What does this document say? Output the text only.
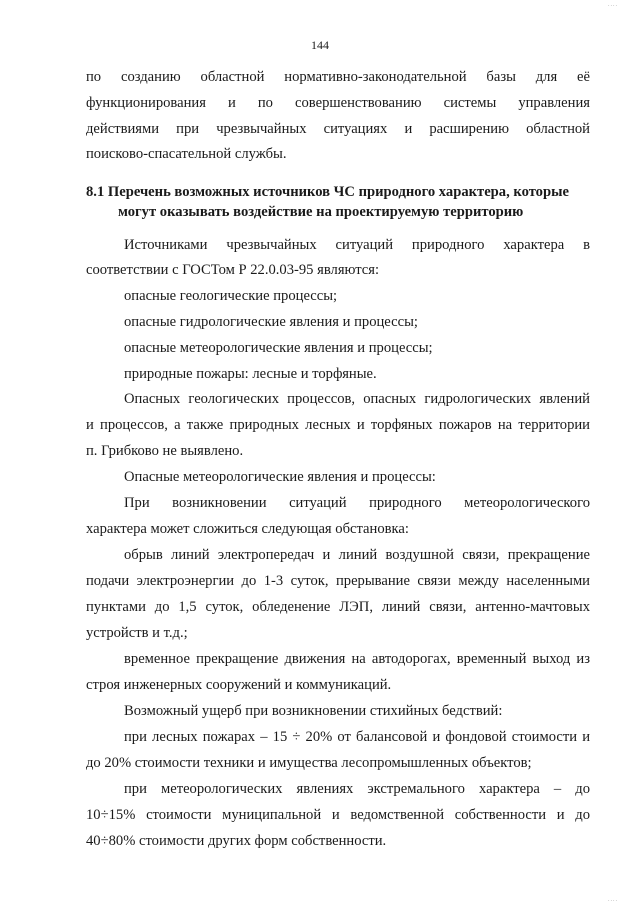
....
144
по созданию областной нормативно-законодательной базы для её
функционирования и по совершенствованию системы управления
действиями при чрезвычайных ситуациях и расширению областной
поисково-спасательной службы.
8.1 Перечень возможных источников ЧС природного характера, которые
могут оказывать воздействие на проектируемую территорию
Источниками чрезвычайных ситуаций природного характера в
соответствии с ГОСТом Р 22.0.03-95 являются:
опасные геологические процессы;
опасные гидрологические явления и процессы;
опасные метеорологические явления и процессы;
природные пожары: лесные и торфяные.
Опасных геологических процессов, опасных гидрологических явлений
и процессов, а также природных лесных и торфяных пожаров на территории
п. Грибково не выявлено.
Опасные метеорологические явления и процессы:
При возникновении ситуаций природного метеорологического
характера может сложиться следующая обстановка:
обрыв линий электропередач и линий воздушной связи, прекращение
подачи электроэнергии до 1-3 суток, прерывание связи между населенными
пунктами до 1,5 суток, обледенение ЛЭП, линий связи, антенно-мачтовых
устройств и т.д.;
временное прекращение движения на автодорогах, временный выход из
строя инженерных сооружений и коммуникаций.
Возможный ущерб при возникновении стихийных бедствий:
при лесных пожарах – 15 ÷ 20% от балансовой и фондовой стоимости и
до 20% стоимости техники и имущества лесопромышленных объектов;
при метеорологических явлениях экстремального характера – до
10÷15% стоимости муниципальной и ведомственной собственности и до
40÷80% стоимости других форм собственности.
....
